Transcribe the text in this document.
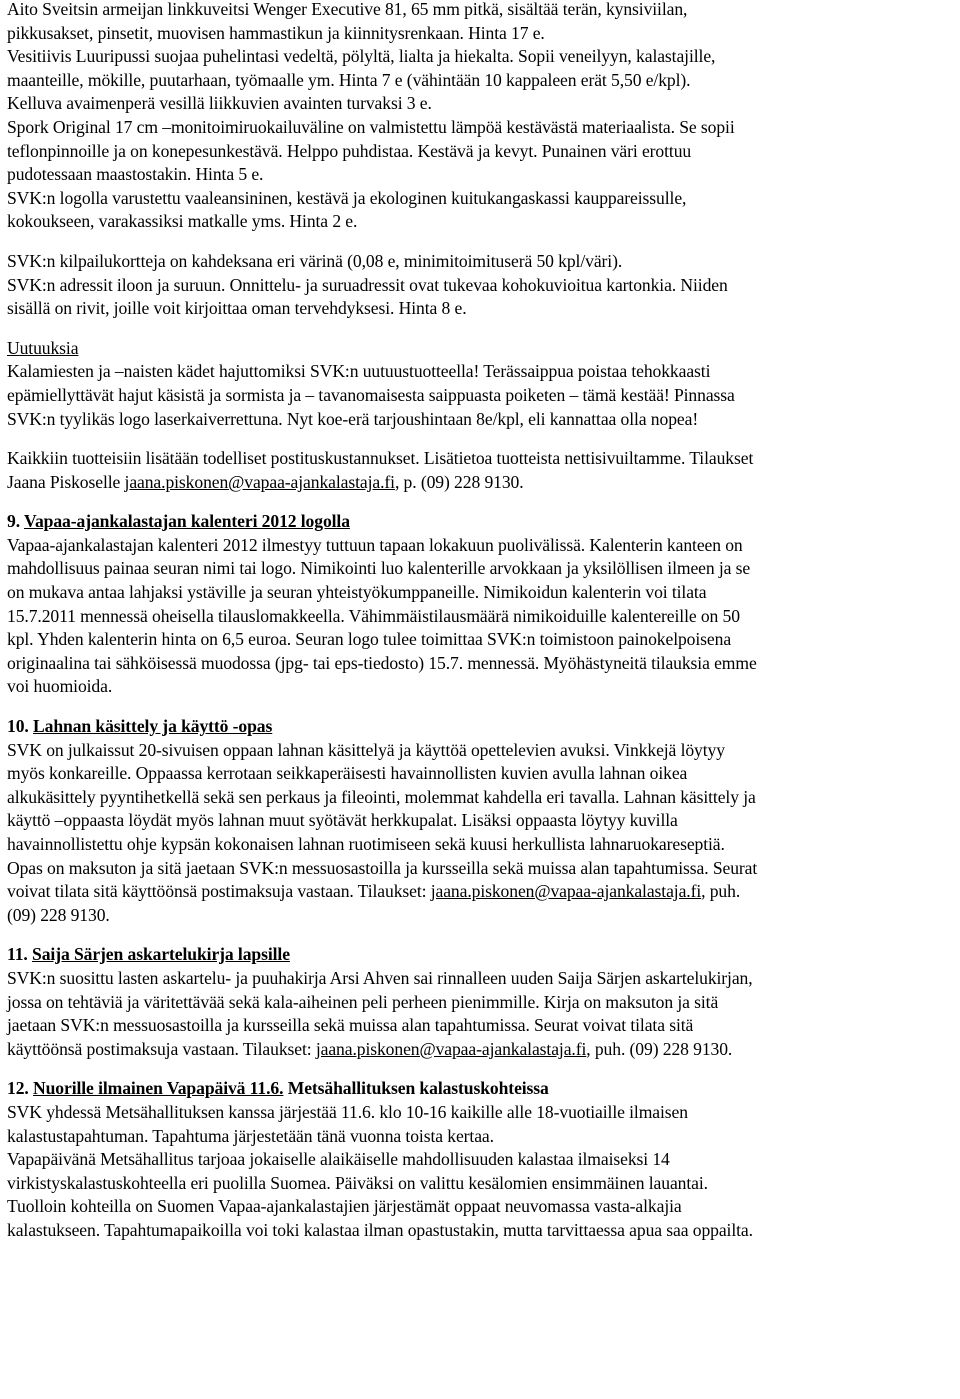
Aito Sveitsin armeijan linkkuveitsi Wenger Executive 81, 65 mm pitkä, sisältää terän, kynsiviilan,
pikkusakset, pinsetit, muovisen hammastikun ja kiinnitysrenkaan. Hinta 17 e.
Vesitiivis Luuripussi suojaa puhelintasi vedeltä, pölyltä, lialta ja hiekalta. Sopii veneilyyn, kalastajille,
maanteille, mökille, puutarhaan, työmaalle ym. Hinta 7 e (vähintään 10 kappaleen erät 5,50 e/kpl).
Kelluva avaimenperä vesillä liikkuvien avainten turvaksi 3 e.
Spork Original 17 cm –monitoimiruokailuväline on valmistettu lämpöä kestävästä materiaalista. Se sopii
teflonpinnoille ja on konepesunkestävä. Helppo puhdistaa. Kestävä ja kevyt. Punainen väri erottuu
pudotessaan maastostakin. Hinta 5 e.
SVK:n logolla varustettu vaaleansininen, kestävä ja ekologinen kuitukangaskassi kauppareissulle,
kokoukseen, varakassiksi matkalle yms. Hinta 2 e.
SVK:n kilpailukortteja on kahdeksana eri värinä (0,08 e, minimitoimituserä 50 kpl/väri).
SVK:n adressit iloon ja suruun. Onnittelu- ja suruadressit ovat tukevaa kohokuvioitua kartonkia. Niiden
sisällä on rivit, joille voit kirjoittaa oman tervehdyksesi. Hinta 8 e.
Uutuuksia
Kalamiesten ja –naisten kädet hajuttomiksi SVK:n uutuustuotteella! Terässaippua poistaa tehokkaasti
epämiellyttävät hajut käsistä ja sormista ja – tavanomaisesta saippuasta poiketen – tämä kestää! Pinnassa
SVK:n tyylikäs logo laserkaiverrettuna. Nyt koe-erä tarjoushintaan 8e/kpl, eli kannattaa olla nopea!
Kaikkiin tuotteisiin lisätään todelliset postituskustannukset. Lisätietoa tuotteista nettisivuiltamme. Tilaukset
Jaana Piskoselle jaana.piskonen@vapaa-ajankalastaja.fi, p. (09) 228 9130.
9. Vapaa-ajankalastajan kalenteri 2012 logolla
Vapaa-ajankalastajan kalenteri 2012 ilmestyy tuttuun tapaan lokakuun puolivälissä. Kalenterin kanteen on
mahdollisuus painaa seuran nimi tai logo. Nimikointi luo kalenterille arvokkaan ja yksilöllisen ilmeen ja se
on mukava antaa lahjaksi ystäville ja seuran yhteistyökumppaneille. Nimikoidun kalenterin voi tilata
15.7.2011 mennessä oheisella tilauslomakkeella. Vähimmäistilausmäärä nimikoiduille kalentereille on 50
kpl. Yhden kalenterin hinta on 6,5 euroa. Seuran logo tulee toimittaa SVK:n toimistoon painokelpoisena
originaalina tai sähköisessä muodossa (jpg- tai eps-tiedosto) 15.7. mennessä. Myöhästyneitä tilauksia emme
voi huomioida.
10. Lahnan käsittely ja käyttö -opas
SVK on julkaissut 20-sivuisen oppaan lahnan käsittelyä ja käyttöä opettelevien avuksi. Vinkkejä löytyy
myös konkareille. Oppaassa kerrotaan seikkaperäisesti havainnollisten kuvien avulla lahnan oikea
alkukäsittely pyyntihetkellä sekä sen perkaus ja fileointi, molemmat kahdella eri tavalla. Lahnan käsittely ja
käyttö –oppaasta löydät myös lahnan muut syötävät herkkupalat. Lisäksi oppaasta löytyy kuvilla
havainnollistettu ohje kypsän kokonaisen lahnan ruotimiseen sekä kuusi herkullista lahnaruokareseptiä.
Opas on maksuton ja sitä jaetaan SVK:n messuosastoilla ja kursseilla sekä muissa alan tapahtumissa. Seurat
voivat tilata sitä käyttöönsä postimaksuja vastaan. Tilaukset: jaana.piskonen@vapaa-ajankalastaja.fi, puh.
(09) 228 9130.
11. Saija Särjen askartelukirja lapsille
SVK:n suosittu lasten askartelu- ja puuhakirja Arsi Ahven sai rinnalleen uuden Saija Särjen askartelukirjan,
jossa on tehtäviä ja väritettävää sekä kala-aiheinen peli perheen pienimmille. Kirja on maksuton ja sitä
jaetaan SVK:n messuosastoilla ja kursseilla sekä muissa alan tapahtumissa. Seurat voivat tilata sitä
käyttöönsä postimaksuja vastaan. Tilaukset: jaana.piskonen@vapaa-ajankalastaja.fi, puh. (09) 228 9130.
12. Nuorille ilmainen Vapapäivä 11.6. Metsähallituksen kalastuskohteissa
SVK yhdessä Metsähallituksen kanssa järjestää 11.6. klo 10-16 kaikille alle 18-vuotiaille ilmaisen
kalastustapahtuman. Tapahtuma järjestetään tänä vuonna toista kertaa.
Vapapäivänä Metsähallitus tarjoaa jokaiselle alaikäiselle mahdollisuuden kalastaa ilmaiseksi 14
virkistyskalastuskohteella eri puolilla Suomea. Päiväksi on valittu kesälomien ensimmäinen lauantai.
Tuolloin kohteilla on Suomen Vapaa-ajankalastajien järjestämät oppaat neuvomassa vasta-alkajia
kalastukseen. Tapahtumapaikoilla voi toki kalastaa ilman opastustakin, mutta tarvittaessa apua saa oppailta.
